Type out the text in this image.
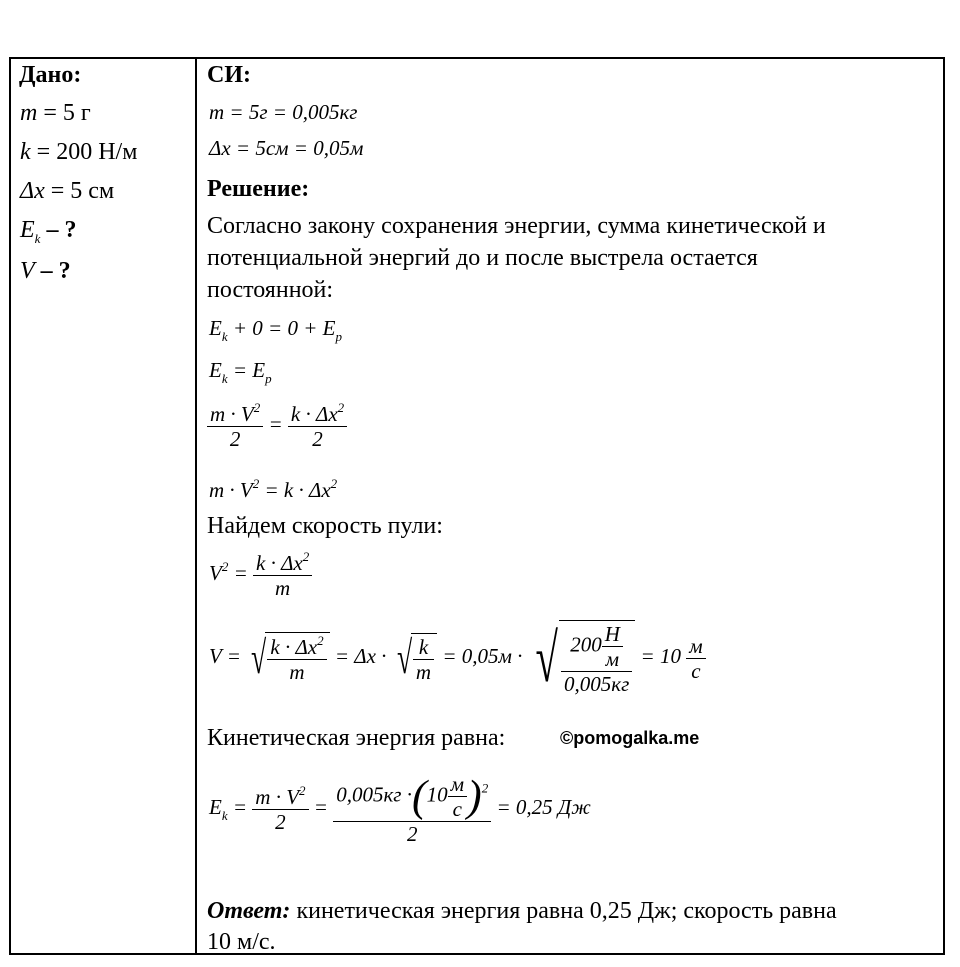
Дано:
m = 5 г
k = 200 Н/м
Δx = 5 см
$E_k$ – ?
V – ?
СИ:
m = 5г = 0,005кг
Δx = 5см = 0,05м
Решение:
Согласно закону сохранения энергии, сумма кинетической и
потенциальной энергий до и после выстрела остается
постоянной:
$E_k + 0 = 0 + E_p$
$E_k = E_p$
$\frac{m \cdot V^2}{2} = \frac{k \cdot \Delta x^2}{2}$
$m \cdot V^2 = k \cdot \Delta x^2$
Найдем скорость пули:
$V^2 = \frac{k \cdot \Delta x^2}{m}$
V = √ $\frac{k \cdot \Delta x^2}{m} = \Delta x$ · √ $\frac{k}{m} = 0,05м$ · √ $\frac{200 \frac{Н}{м}}{0,005кг} = 10 \frac{м}{с}$
Кинетическая энергия равна:	©pomogalka.me
$E_k = \frac{m \cdot V^2}{2} = \frac{0,005кг \cdot(10 \frac{м}{с} )^2}{2} = 0,25$ Дж
Ответ: кинетическая энергия равна 0,25 Дж; скорость равна
10 м/с.
